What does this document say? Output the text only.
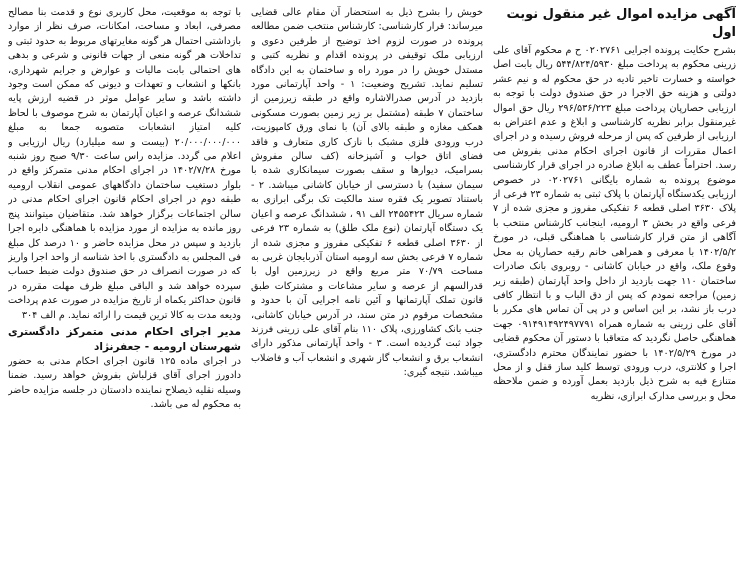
آگهی مزایده اموال غیر منقول نوبت اول

بشرح حکایت پرونده اجرایی ۰۲۰۲۷۶۱ ح م محکوم آقای علی زرینی محکوم به پرداخت مبلغ ۵۴۴/۸۲۴/۵۹۳۰ ریال بابت اصل خواسته و خسارت تاخیر تادیه در حق محکوم له و نیم عشر دولتی و هزینه حق الاجرا در حق صندوق دولت با توجه به ارزیابی حصارپان پرداخت مبلغ ۲۹۶/۵۳۶/۲۲۳ ریال حق اموال غیرمنقول برابر نظریه کارشناسی و ابلاغ و عدم اعتراض به ارزیابی از طرفین که پس از مرحله فروش رسیده و در اجرای اعمال مقررات از قانون اجرای احکام مدنی بفروش می رسد. احتراماً عطف به ابلاغ صادره در اجرای قرار کارشناسی موضوع پرونده به شماره بایگانی ۰۲۰۲۷۶۱ در خصوص ارزیابی یکدستگاه آپارتمان با پلاک ثبتی به شماره ۲۳ فرعی از پلاک ۳۶۳۰ اصلی قطعه ۶ تفکیکی مفروز و مجزی شده از ۷ فرعی واقع در بخش ۳ ارومیه، اینجانب کارشناس منتخب با آگاهی از متن قرار کارشناسی با هماهنگی قبلی، در مورخ ۱۴۰۲/۵/۲ با معرفی و همراهی خانم رقیه حصارپان به محل وقوع ملک، واقع در خیابان کاشانی - روبروی بانک صادرات ساختمان ۱۱۰ جهت بازدید از داخل واحد آپارتمان (طبقه زیر زمین) مراجعه نمودم که پس از دق الباب و با انتظار کافی درب باز نشد، بر این اساس و در پی آن تماس های مکرر با آقای علی زرینی به شماره همراه ۰۹۱۴۹۱۴۹۲۴۹۷۷۹۱ جهت هماهنگی حاصل نگردید که متعاقبا با دستور آن محکوم قضایی در مورخ ۱۴۰۲/۵/۲۹ با حضور نمایندگان محترم دادگستری، اجرا و کلانتری، درب ورودی توسط کلید ساز قفل و از محل متنازع فیه به شرح ذیل بازدید بعمل آورده و ضمن ملاحظه محل و بررسی مدارک ابرازی، نظریه

خویش را بشرح ذیل به استحضار آن مقام عالی قضایی میرساند: قرار کارشناسی: کارشناس منتخب ضمن مطالعه پرونده در صورت لزوم اخذ توضیح از طرفین دعوی و ارزیابی ملک توقیفی در پرونده اقدام و نظریه کتبی و مستدل خویش را در مورد راه و ساختمان به این دادگاه تسلیم نماید. تشریح وضعیت: ۱ - واحد آپارتمانی مورد بازدید در آدرس صدرالاشاره واقع در طبقه زیرزمین از ساختمان ۷ طبقه (مشتمل بر زیر زمین بصورت مسکونی همکف مغازه و طبقه بالای آن) با نمای ورق کامپوزیت، درب ورودی فلزی مشبک با نازک کاری متعارف و فاقد فضای اتاق خواب و آشپزخانه (کف سالن مفروش بسرامیک، دیوارها و سقف بصورت سیمانکاری شده با سیمان سفید) با دسترسی از خیابان کاشانی میباشد. ۲ - باستناد تصویر یک فقره سند مالکیت تک برگی ابرازی به شماره سریال ۲۴۵۵۴۲۳ الف ۹۱ ، ششدانگ عرصه و اعیان یک دستگاه آپارتمان (نوع ملک طلق) به شماره ۲۳ فرعی از ۳۶۳۰ اصلی قطعه ۶ تفکیکی مفروز و مجزی شده از شماره ۷ فرعی بخش سه ارومیه استان آذربایجان غربی به مساحت ۷۰/۷۹ متر مربع واقع در زیرزمین اول با قدرالسهم از عرصه و سایر مشاعات و مشترکات طبق قانون تملک آپارتمانها و آئین نامه اجرایی آن با حدود و مشخصات مرقوم در متن سند، در آدرس خیابان کاشانی، جنب بانک کشاورزی، پلاک ۱۱۰ بنام آقای علی زرینی فرزند جواد ثبت گردیده است. ۳ - واحد آپارتمانی مذکور دارای انشعاب برق و انشعاب گاز شهری و انشعاب آب و فاضلاب میباشد. نتیجه گیری:

با توجه به موقعیت، محل کاربری نوع و قدمت بنا مصالح مصرفی، ابعاد و مساحت، امکانات، صرف نظر از موارد بازداشتی احتمال هر گونه مغایرتهای مربوط به حدود ثبتی و تداخلات هر گونه منعی از جهات قانونی و شرعی و بدهی های احتمالی بابت مالیات و عوارض و جرایم شهرداری، بانکها و انشعاب و تعهدات و دیونی که ممکن است وجود داشته باشد و سایر عوامل موثر در قضیه ارزش پایه ششدانگ عرصه و اعیان آپارتمان به شرح موصوف با لحاظ کلیه امتیاز انشعابات متصوبه جمعا به مبلغ ۲۰/۰۰۰/۰۰۰/۰۰۰ (بیست و سه میلیارد) ریال ارزیابی و اعلام می گردد. مزایده راس ساعت ۹/۳۰ صبح روز شنبه مورخ ۱۴۰۲/۷/۲۸ در اجرای احکام مدنی متمرکز واقع در بلوار دستغیب ساختمان دادگاههای عمومی انقلاب ارومیه طبقه دوم در اجرای احکام قانون اجرای احکام مدنی در سالن اجتماعات برگزار خواهد شد. متقاضیان میتوانند پنج روز مانده به مزایده از مورد مزایده با هماهنگی دایره اجرا بازدید و سپس در محل مزایده حاضر و ۱۰ درصد کل مبلغ فی المجلس به دادگستری با اخذ شناسه از واحد اجرا واریز که در صورت انصراف در حق صندوق دولت ضبط حساب سپرده خواهد شد و الباقی مبلغ ظرف مهلت مقرره در قانون حداکثر یکماه از تاریخ مزایده در صورت عدم پرداخت ودیعه مدت به کالا ترین قیمت را ارائه نماید. م الف ۳۰۴

مدیر اجرای احکام مدنی متمرکز دادگستری شهرستان ارومیه - جعفرنژاد

در اجرای ماده ۱۲۵ قانون اجرای احکام مدنی به حضور دادورز اجرای آقای قزلباش بفروش خواهد رسید. ضمنا وسیله نقلیه ذیصلاح نماینده دادستان در جلسه مزایده حاضر به محکوم له می باشد.
